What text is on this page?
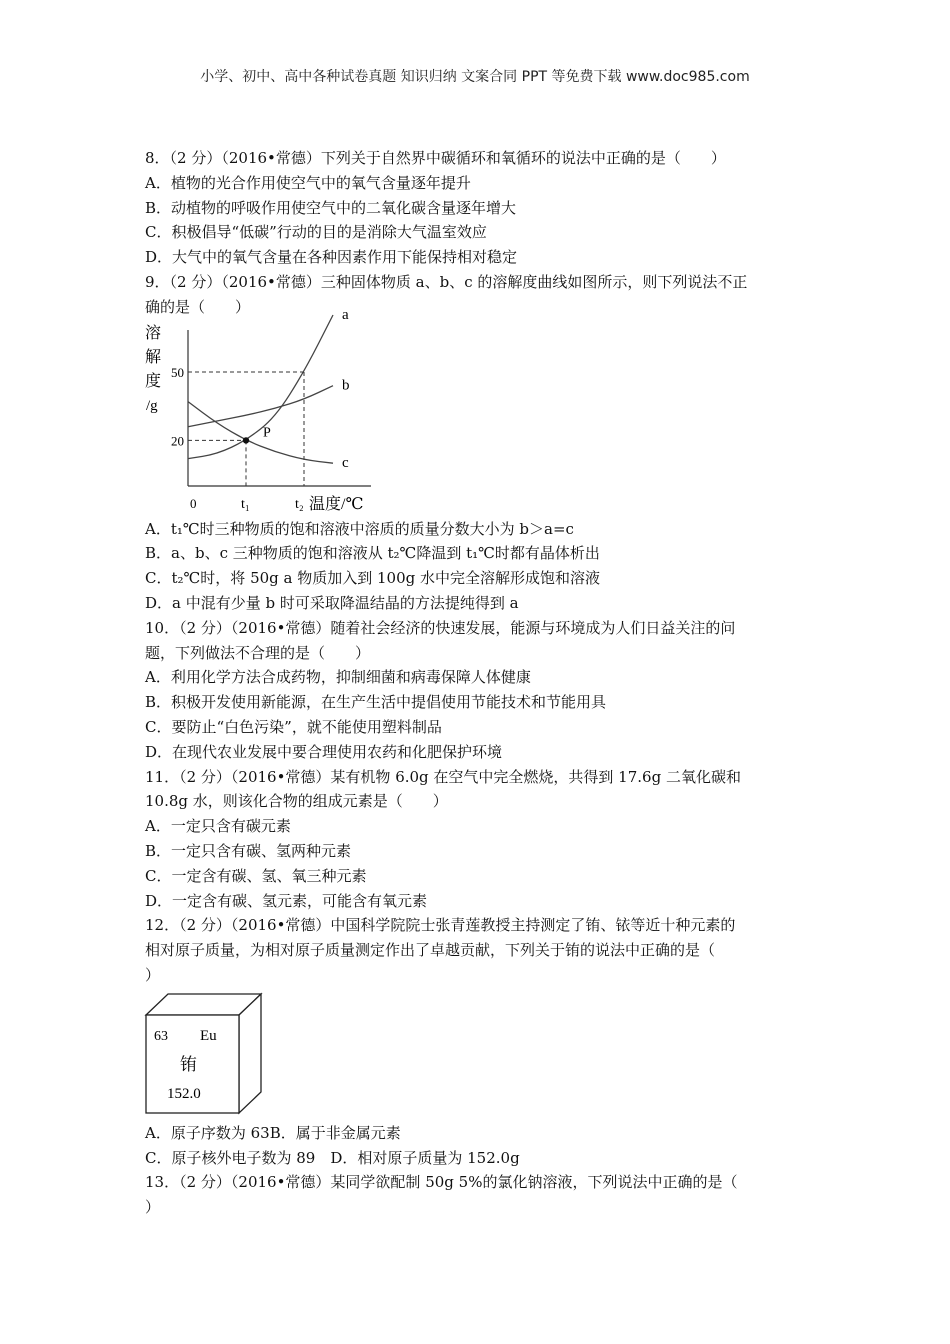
小学、初中、高中各种试卷真题 知识归纳 文案合同 PPT 等免费下载 www.doc985.com
8．（2 分）（2016•常德）下列关于自然界中碳循环和氧循环的说法中正确的是（　　）
A．植物的光合作用使空气中的氧气含量逐年提升
B．动植物的呼吸作用使空气中的二氧化碳含量逐年增大
C．积极倡导“低碳”行动的目的是消除大气温室效应
D．大气中的氧气含量在各种因素作用下能保持相对稳定
9．（2 分）（2016•常德）三种固体物质 a、b、c 的溶解度曲线如图所示，则下列说法不正
确的是（　　）
溶
解
度
/g
a
b
c
P
20
50
t₁	t₂
0	温度/℃
A．t₁℃时三种物质的饱和溶液中溶质的质量分数大小为 b＞a=c
B．a、b、c 三种物质的饱和溶液从 t₂℃降温到 t₁℃时都有晶体析出
C．t₂℃时，将 50g a 物质加入到 100g 水中完全溶解形成饱和溶液
D．a 中混有少量 b 时可采取降温结晶的方法提纯得到 a
10．（2 分）（2016•常德）随着社会经济的快速发展，能源与环境成为人们日益关注的问
题，下列做法不合理的是（　　）
A．利用化学方法合成药物，抑制细菌和病毒保障人体健康
B．积极开发使用新能源，在生产生活中提倡使用节能技术和节能用具
C．要防止“白色污染”，就不能使用塑料制品
D．在现代农业发展中要合理使用农药和化肥保护环境
11．（2 分）（2016•常德）某有机物 6.0g 在空气中完全燃烧，共得到 17.6g 二氧化碳和
10.8g 水，则该化合物的组成元素是（　　）
A．一定只含有碳元素
B．一定只含有碳、氢两种元素
C．一定含有碳、氢、氧三种元素
D．一定含有碳、氢元素，可能含有氧元素
12．（2 分）（2016•常德）中国科学院院士张青莲教授主持测定了铕、铱等近十种元素的
相对原子质量，为相对原子质量测定作出了卓越贡献，下列关于铕的说法中正确的是（
）
63 Eu
铕
152.0
A．原子序数为 63B．属于非金属元素
C．原子核外电子数为 89　D．相对原子质量为 152.0g
13．（2 分）（2016•常德）某同学欲配制 50g 5%的氯化钠溶液，下列说法中正确的是（
）
